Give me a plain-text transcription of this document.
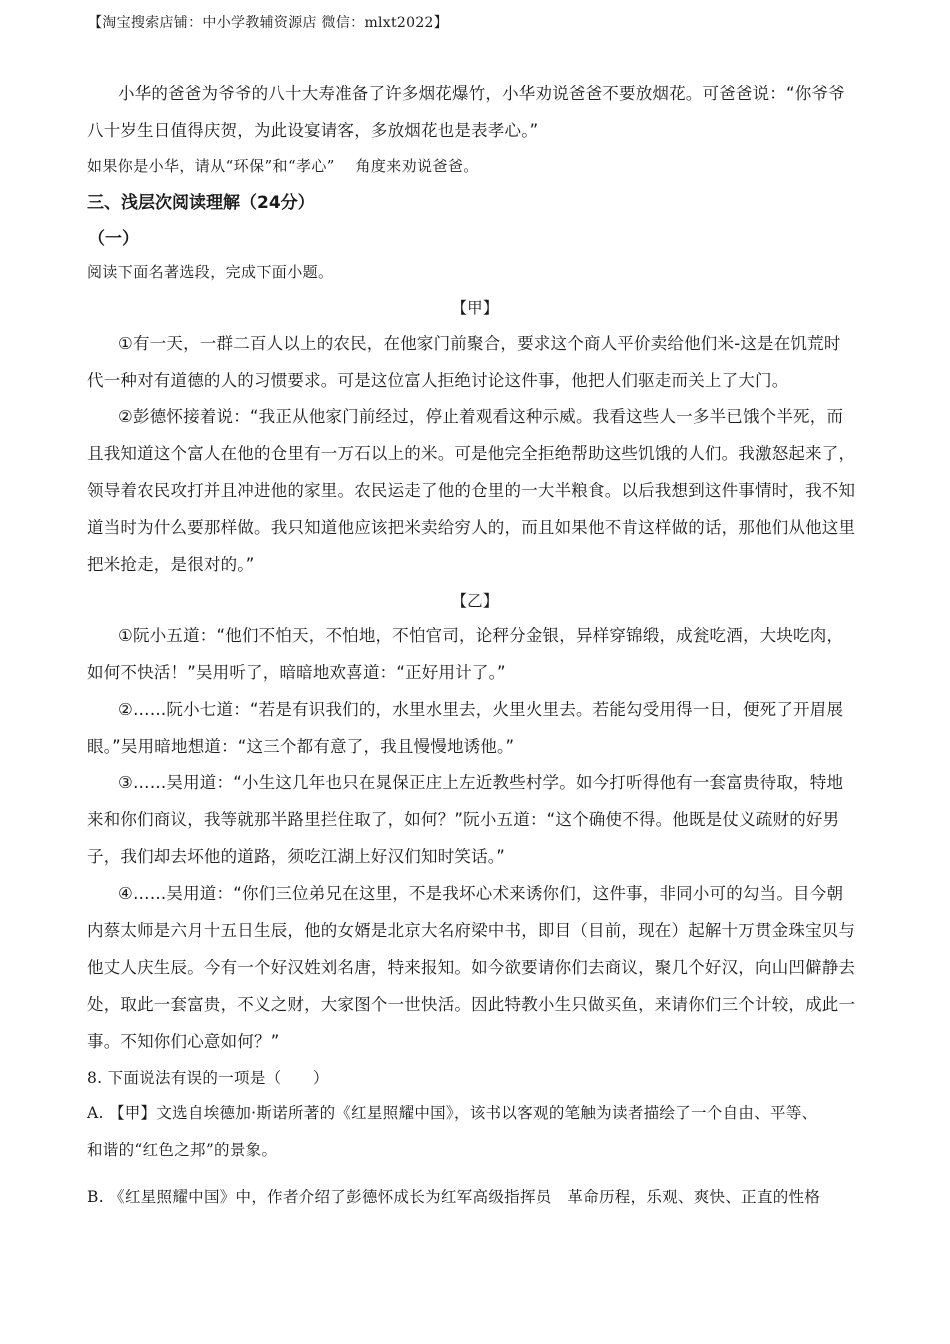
【淘宝搜索店铺：中小学教辅资源店 微信：mlxt2022】
小华的爸爸为爷爷的八十大寿准备了许多烟花爆竹，小华劝说爸爸不要放烟花。可爸爸说：“你爷爷
八十岁生日值得庆贺，为此设宴请客，多放烟花也是表孝心。”
如果你是小华，请从“环保”和“孝心”　 角度来劝说爸爸。
三、浅层次阅读理解（24分）
（一）
阅读下面名著选段，完成下面小题。
【甲】
①有一天，一群二百人以上的农民，在他家门前聚合，要求这个商人平价卖给他们米-这是在饥荒时
代一种对有道德的人的习惯要求。可是这位富人拒绝讨论这件事，他把人们驱走而关上了大门。
②彭德怀接着说：“我正从他家门前经过，停止着观看这种示威。我看这些人一多半已饿个半死，而
且我知道这个富人在他的仓里有一万石以上的米。可是他完全拒绝帮助这些饥饿的人们。我激怒起来了，
领导着农民攻打并且冲进他的家里。农民运走了他的仓里的一大半粮食。以后我想到这件事情时，我不知
道当时为什么要那样做。我只知道他应该把米卖给穷人的，而且如果他不肯这样做的话，那他们从他这里
把米抢走，是很对的。”
【乙】
①阮小五道：“他们不怕天，不怕地，不怕官司，论秤分金银，异样穿锦缎，成瓮吃酒，大块吃肉，
如何不快活！”吴用听了，暗暗地欢喜道：“正好用计了。”
②……阮小七道：“若是有识我们的，水里水里去，火里火里去。若能勾受用得一日，便死了开眉展
眼。”吴用暗地想道：“这三个都有意了，我且慢慢地诱他。”
③……吴用道：“小生这几年也只在晁保正庄上左近教些村学。如今打听得他有一套富贵待取，特地
来和你们商议，我等就那半路里拦住取了，如何？”阮小五道：“这个确使不得。他既是仗义疏财的好男
子，我们却去坏他的道路，须吃江湖上好汉们知时笑话。”
④……吴用道：“你们三位弟兄在这里，不是我坏心术来诱你们，这件事，非同小可的勾当。目今朝
内蔡太师是六月十五日生辰，他的女婿是北京大名府梁中书，即目（目前，现在）起解十万贯金珠宝贝与
他丈人庆生辰。今有一个好汉姓刘名唐，特来报知。如今欲要请你们去商议，聚几个好汉，向山凹僻静去
处，取此一套富贵，不义之财，大家图个一世快活。因此特教小生只做买鱼，来请你们三个计较，成此一
事。不知你们心意如何？”
8. 下面说法有误的一项是（　　）
A. 【甲】文选自埃德加·斯诺所著的《红星照耀中国》，该书以客观的笔触为读者描绘了一个自由、平等、
和谐的“红色之邦”的景象。
B. 《红星照耀中国》中，作者介绍了彭德怀成长为红军高级指挥员　革命历程，乐观、爽快、正直的性格
